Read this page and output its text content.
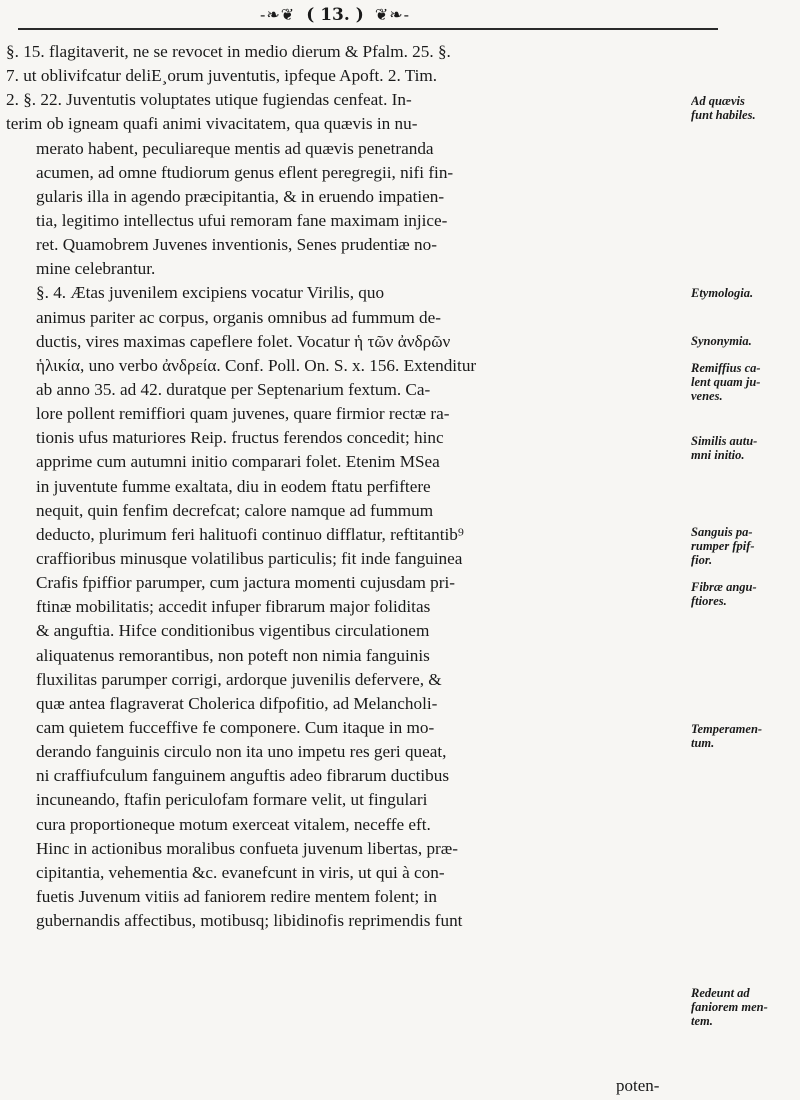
-❧❦ ( 13. ) ❦❧-
§. 15. flagitaverit, ne se revocet in medio dierum & Pfalm. 25. §.
7. ut oblivifcatur deliЕ¸orum juventutis, ipfeque Apoft. 2. Tim.
2. §. 22. Juventutis voluptates utique fugiendas cenfeat. In-
terim ob igneam quafi animi vivacitatem, qua quævis in nu-
merato habent, peculiareque mentis ad quævis penetranda
acumen, ad omne ftudiorum genus eflent peregregii, nifi fin-
gularis illa in agendo præcipitantia, & in eruendo impatien-
tia, legitimo intellectus ufui remoram fane maximam injice-
ret. Quamobrem Juvenes inventionis, Senes prudentiæ no-
mine celebrantur.
§. 4. Ætas juvenilem excipiens vocatur Virilis, quo
animus pariter ac corpus, organis omnibus ad fummum de-
ductis, vires maximas capeflere folet. Vocatur ἡ τῶν ἀνδρῶν
ἡλικία, uno verbo ἀνδρεία. Conf. Poll. On. S. x. 156. Extenditur
ab anno 35. ad 42. duratque per Septenarium fextum. Ca-
lore pollent remiffiori quam juvenes, quare firmior rectæ ra-
tionis ufus maturiores Reip. fructus ferendos concedit; hinc
apprime cum autumni initio comparari folet. Etenim MSea
in juventute fumme exaltata, diu in eodem ftatu perfiftere
nequit, quin fenfim decrefcat; calore namque ad fummum
deducto, plurimum feri halituofi continuo difflatur, reftitantib⁹
craffioribus minusque volatilibus particulis; fit inde fanguinea
Crafis fpiffior parumper, cum jactura momenti cujusdam pri-
ftinæ mobilitatis; accedit infuper fibrarum major foliditas
& anguftia. Hifce conditionibus vigentibus circulationem
aliquatenus remorantibus, non poteft non nimia fanguinis
fluxilitas parumper corrigi, ardorque juvenilis defervere, &
quæ antea flagraverat Cholerica difpofitio, ad Melancholi-
cam quietem fucceffive fe componere. Cum itaque in mo-
derando fanguinis circulo non ita uno impetu res geri queat,
ni craffiufculum fanguinem anguftis adeo fibrarum ductibus
incuneando, ftafin periculofam formare velit, ut fingulari
cura proportioneque motum exerceat vitalem, neceffe eft.
Hinc in actionibus moralibus confueta juvenum libertas, præ-
cipitantia, vehementia &c. evanefcunt in viris, ut qui à con-
fuetis Juvenum vitiis ad faniorem redire mentem folent; in
gubernandis affectibus, motibusq; libidinofis reprimendis funt
Ad quævis
funt habiles.
Etymologia.
Synonymia.
Remiffius ca-
lent quam ju-
venes.
Similis autu-
mni initio.
Sanguis pa-
rumper fpif-
fior.
Fibræ angu-
ftiores.
Temperamen-
tum.
Redeunt ad
faniorem men-
tem.
poten-
